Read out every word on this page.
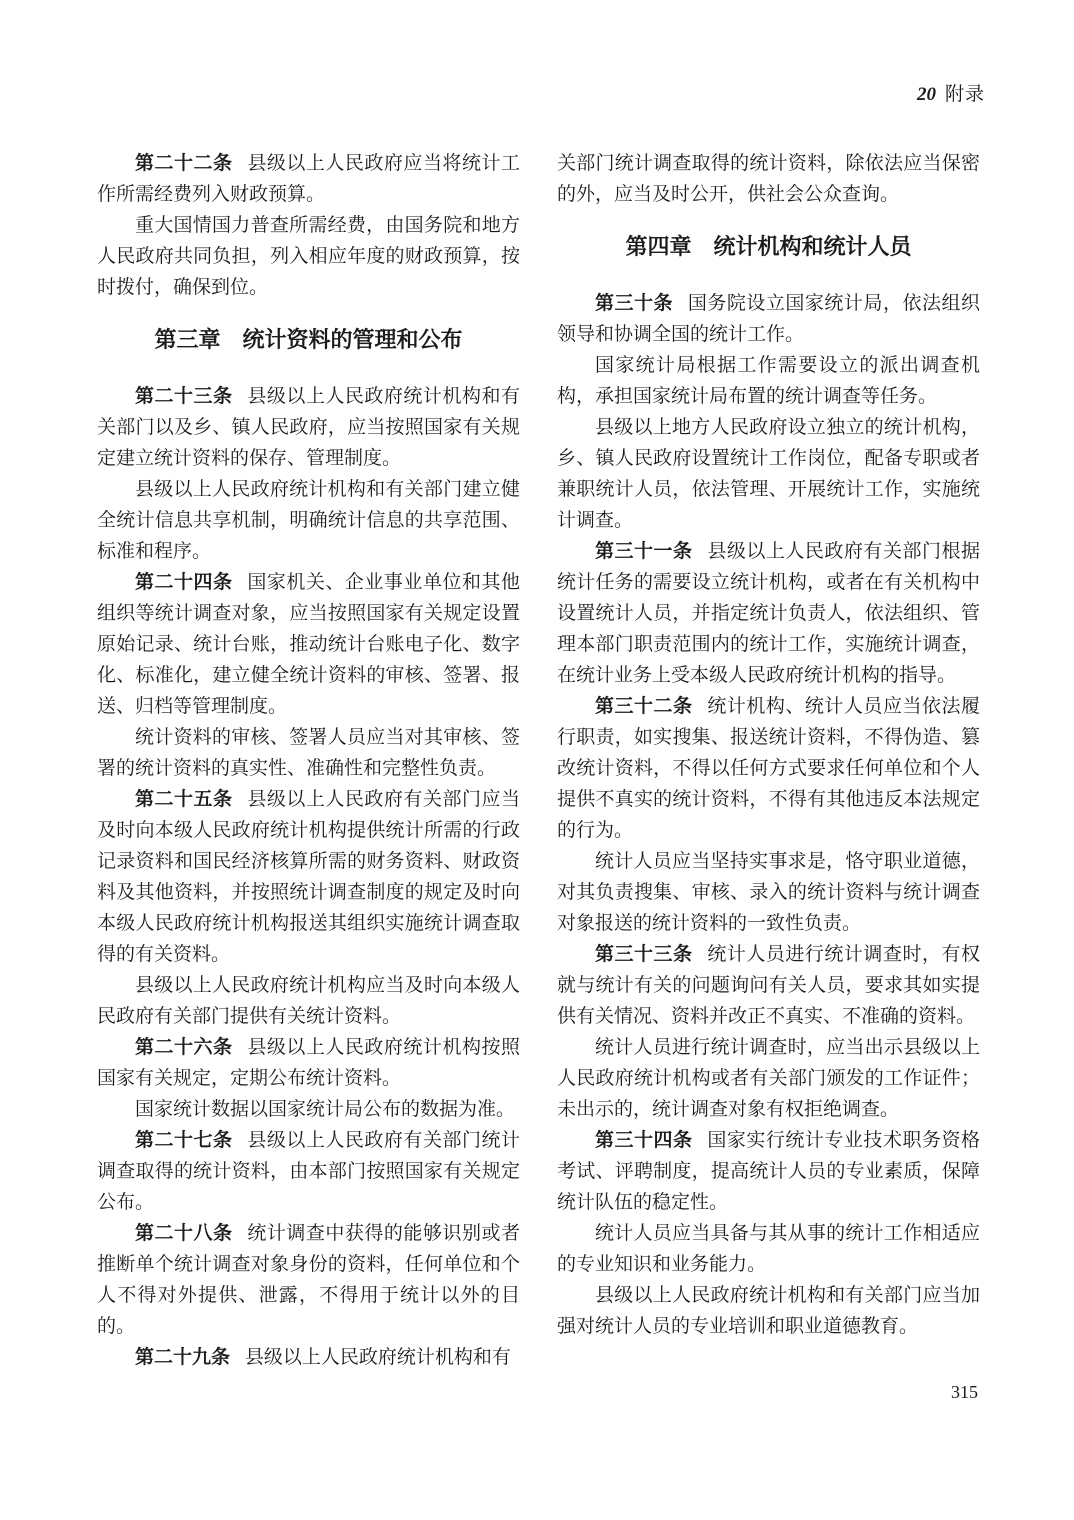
20 附录

第二十二条 县级以上人民政府应当将统计工作所需经费列入财政预算。

重大国情国力普查所需经费，由国务院和地方人民政府共同负担，列入相应年度的财政预算，按时拨付，确保到位。

第三章　统计资料的管理和公布

第二十三条 县级以上人民政府统计机构和有关部门以及乡、镇人民政府，应当按照国家有关规定建立统计资料的保存、管理制度。

县级以上人民政府统计机构和有关部门建立健全统计信息共享机制，明确统计信息的共享范围、标准和程序。

第二十四条 国家机关、企业事业单位和其他组织等统计调查对象，应当按照国家有关规定设置原始记录、统计台账，推动统计台账电子化、数字化、标准化，建立健全统计资料的审核、签署、报送、归档等管理制度。

统计资料的审核、签署人员应当对其审核、签署的统计资料的真实性、准确性和完整性负责。

第二十五条 县级以上人民政府有关部门应当及时向本级人民政府统计机构提供统计所需的行政记录资料和国民经济核算所需的财务资料、财政资料及其他资料，并按照统计调查制度的规定及时向本级人民政府统计机构报送其组织实施统计调查取得的有关资料。

县级以上人民政府统计机构应当及时向本级人民政府有关部门提供有关统计资料。

第二十六条 县级以上人民政府统计机构按照国家有关规定，定期公布统计资料。

国家统计数据以国家统计局公布的数据为准。

第二十七条 县级以上人民政府有关部门统计调查取得的统计资料，由本部门按照国家有关规定公布。

第二十八条 统计调查中获得的能够识别或者推断单个统计调查对象身份的资料，任何单位和个人不得对外提供、泄露，不得用于统计以外的目的。

第二十九条 县级以上人民政府统计机构和有

关部门统计调查取得的统计资料，除依法应当保密的外，应当及时公开，供社会公众查询。

第四章　统计机构和统计人员

第三十条 国务院设立国家统计局，依法组织领导和协调全国的统计工作。

国家统计局根据工作需要设立的派出调查机构，承担国家统计局布置的统计调查等任务。

县级以上地方人民政府设立独立的统计机构，乡、镇人民政府设置统计工作岗位，配备专职或者兼职统计人员，依法管理、开展统计工作，实施统计调查。

第三十一条 县级以上人民政府有关部门根据统计任务的需要设立统计机构，或者在有关机构中设置统计人员，并指定统计负责人，依法组织、管理本部门职责范围内的统计工作，实施统计调查，在统计业务上受本级人民政府统计机构的指导。

第三十二条 统计机构、统计人员应当依法履行职责，如实搜集、报送统计资料，不得伪造、篡改统计资料，不得以任何方式要求任何单位和个人提供不真实的统计资料，不得有其他违反本法规定的行为。

统计人员应当坚持实事求是，恪守职业道德，对其负责搜集、审核、录入的统计资料与统计调查对象报送的统计资料的一致性负责。

第三十三条 统计人员进行统计调查时，有权就与统计有关的问题询问有关人员，要求其如实提供有关情况、资料并改正不真实、不准确的资料。

统计人员进行统计调查时，应当出示县级以上人民政府统计机构或者有关部门颁发的工作证件；未出示的，统计调查对象有权拒绝调查。

第三十四条 国家实行统计专业技术职务资格考试、评聘制度，提高统计人员的专业素质，保障统计队伍的稳定性。

统计人员应当具备与其从事的统计工作相适应的专业知识和业务能力。

县级以上人民政府统计机构和有关部门应当加强对统计人员的专业培训和职业道德教育。

315
